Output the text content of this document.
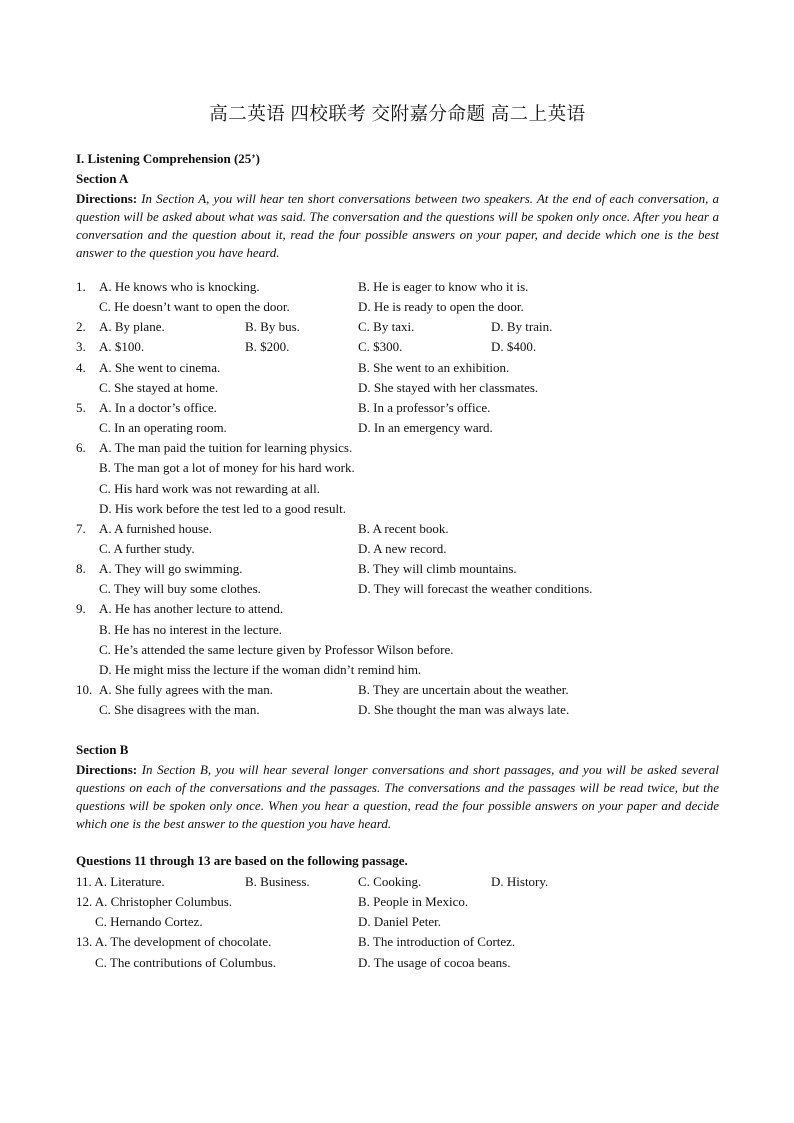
高二英语 四校联考 交附嘉分命题 高二上英语
I. Listening Comprehension (25’)
Section A
Directions: In Section A, you will hear ten short conversations between two speakers. At the end of each conversation, a question will be asked about what was said. The conversation and the questions will be spoken only once. After you hear a conversation and the question about it, read the four possible answers on your paper, and decide which one is the best answer to the question you have heard.
1. A. He knows who is knocking.	B. He is eager to know who it is.
C. He doesn’t want to open the door.	D. He is ready to open the door.
2. A. By plane.	B. By bus.	C. By taxi.	D. By train.
3. A. $100.	B. $200.	C. $300.	D. $400.
4. A. She went to cinema.	B. She went to an exhibition.
C. She stayed at home.	D. She stayed with her classmates.
5. A. In a doctor’s office.	B. In a professor’s office.
C. In an operating room.	D. In an emergency ward.
6. A. The man paid the tuition for learning physics.
B. The man got a lot of money for his hard work.
C. His hard work was not rewarding at all.
D. His work before the test led to a good result.
7. A. A furnished house.	B. A recent book.
C. A further study.	D. A new record.
8. A. They will go swimming.	B. They will climb mountains.
C. They will buy some clothes.	D. They will forecast the weather conditions.
9. A. He has another lecture to attend.
B. He has no interest in the lecture.
C. He’s attended the same lecture given by Professor Wilson before.
D. He might miss the lecture if the woman didn’t remind him.
10. A. She fully agrees with the man.	B. They are uncertain about the weather.
C. She disagrees with the man.	D. She thought the man was always late.
Section B
Directions: In Section B, you will hear several longer conversations and short passages, and you will be asked several questions on each of the conversations and the passages. The conversations and the passages will be read twice, but the questions will be spoken only once. When you hear a question, read the four possible answers on your paper and decide which one is the best answer to the question you have heard.
Questions 11 through 13 are based on the following passage.
11. A. Literature.	B. Business.	C. Cooking.	D. History.
12. A. Christopher Columbus.	B. People in Mexico.
C. Hernando Cortez.	D. Daniel Peter.
13. A. The development of chocolate.	B. The introduction of Cortez.
C. The contributions of Columbus.	D. The usage of cocoa beans.
